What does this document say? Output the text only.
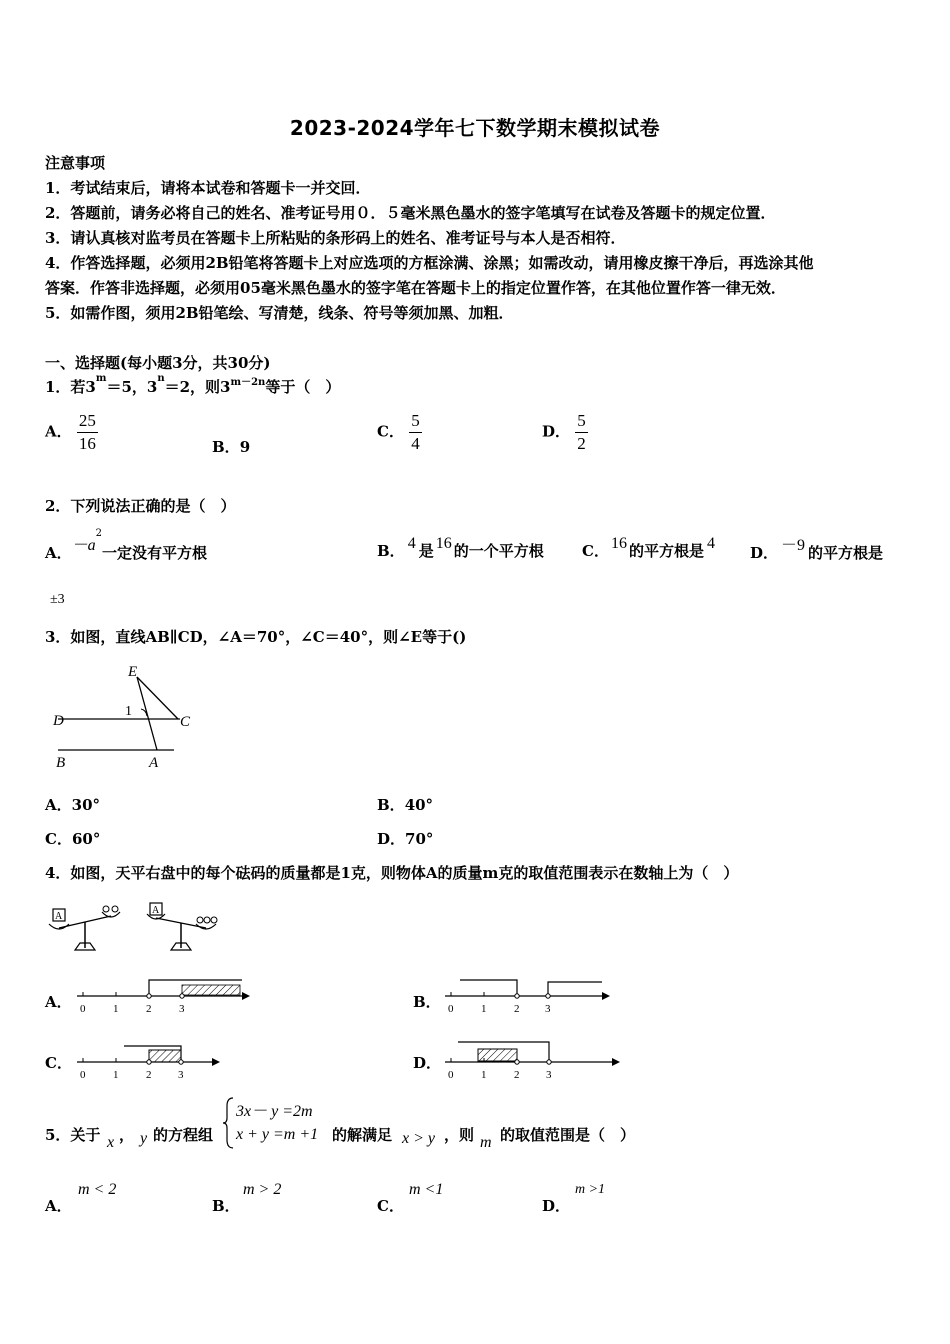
2023-2024学年七下数学期末模拟试卷
注意事项
1．考试结束后，请将本试卷和答题卡一并交回．
2．答题前，请务必将自己的姓名、准考证号用０．５毫米黑色墨水的签字笔填写在试卷及答题卡的规定位置．
3．请认真核对监考员在答题卡上所粘贴的条形码上的姓名、准考证号与本人是否相符．
4．作答选择题，必须用2B铅笔将答题卡上对应选项的方框涂满、涂黑；如需改动，请用橡皮擦干净后，再选涂其他
答案．作答非选择题，必须用05毫米黑色墨水的签字笔在答题卡上的指定位置作答，在其他位置作答一律无效．
5．如需作图，须用2B铅笔绘、写清楚，线条、符号等须加黑、加粗．
一、选择题(每小题3分，共30分)
1．若$3^m=5$，$3^n=2$，则$3^{m-2n}$等于（　）
A． $\frac{25}{16}$	B．9
C． $\frac{5}{4}$	D． $\frac{5}{2}$
2．下列说法正确的是（　）
A．$-a^2$一定没有平方根	B． 4 是 16 的一个平方根	C． 16 的平方根是 4
D． －9 的平方根是
±3
3．如图，直线AB∥CD，∠A＝70°，∠C＝40°，则∠E等于()
E
1
D	C
B	A
A．30°	B．40°
C．60°	D．70°
4．如图，天平右盘中的每个砝码的质量都是1克，则物体A的质量m克的取值范围表示在数轴上为（　）
A
A
A． 0	1	2	3	B． 0	1	2 3
C．
0	1	2 3
D．
0	1	2 3
5．关于 x ， y 的方程组
3x－ y =2m
x + y =m +1 的解满足 x > y ，则 m 的取值范围是（　）
A．
m < 2
B．
m > 2
C．
m <1
D．
m >1
